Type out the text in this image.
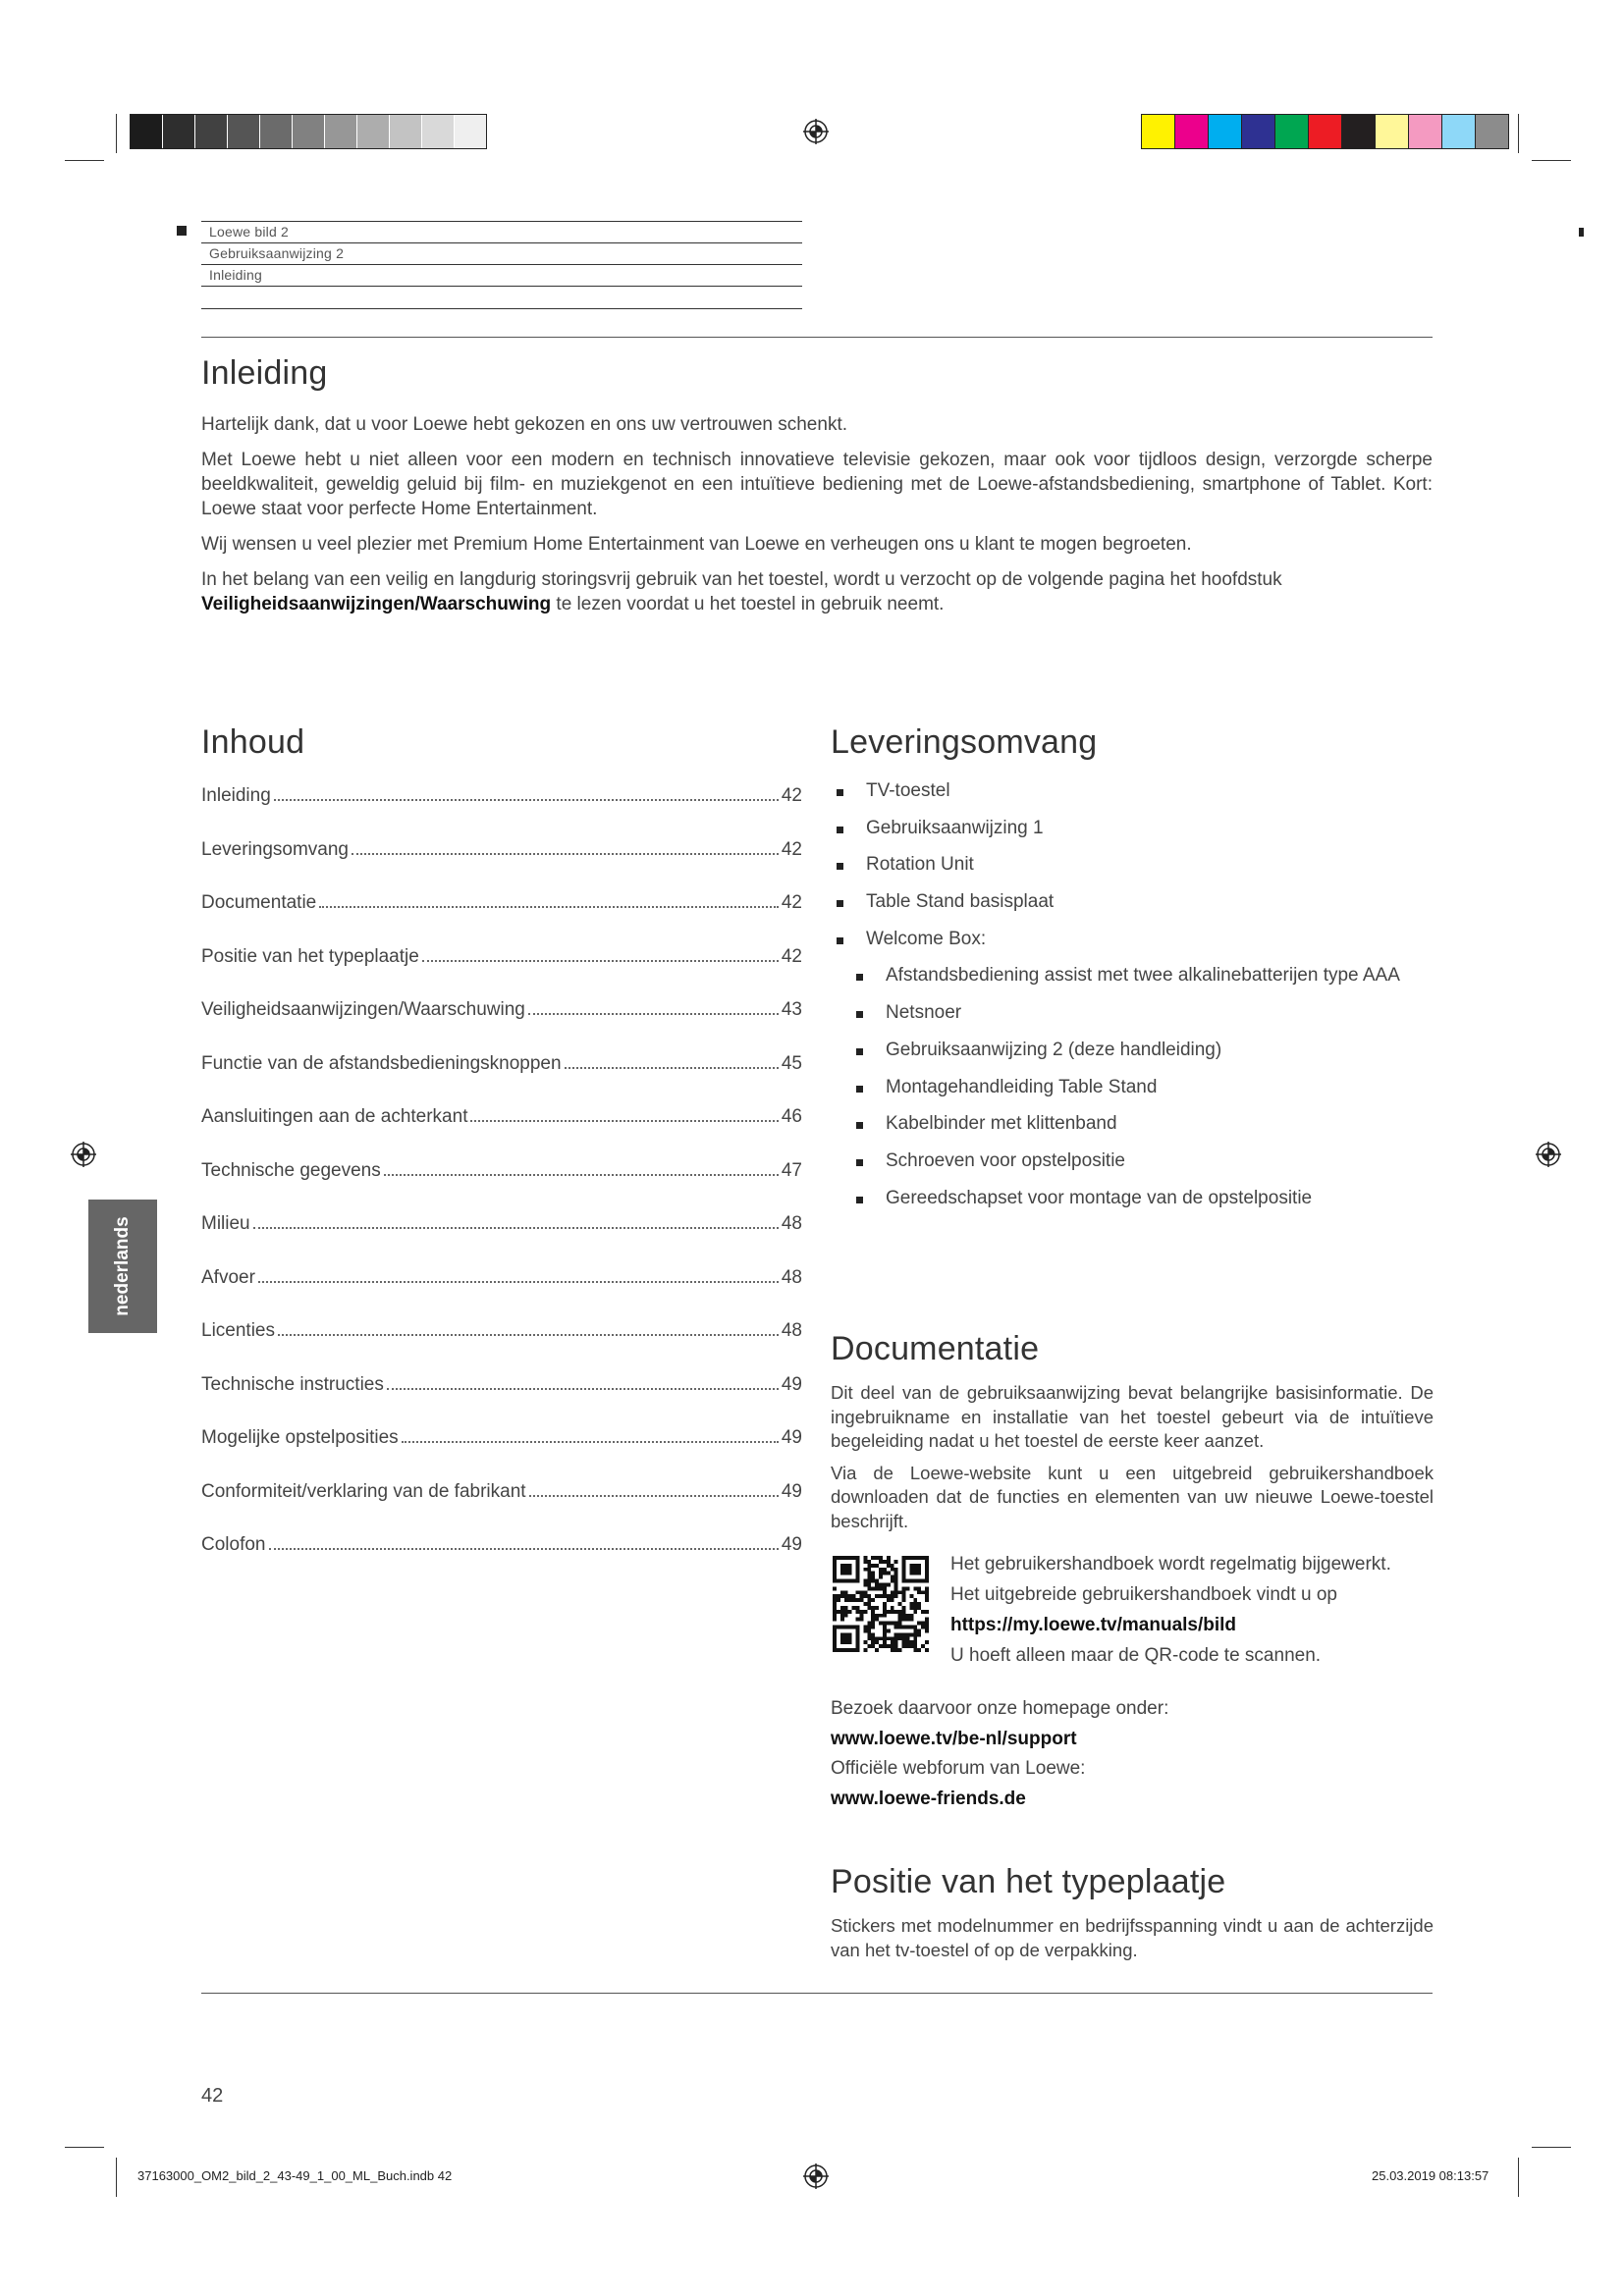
Loewe bild 2
Gebruiksaanwijzing 2
Inleiding
Inleiding

Hartelijk dank, dat u voor Loewe hebt gekozen en ons uw vertrouwen schenkt.

Met Loewe hebt u niet alleen voor een modern en technisch innovatieve televisie gekozen, maar ook voor tijdloos design, verzorgde scherpe beeldkwaliteit, geweldig geluid bij film- en muziekgenot en een intuïtieve bediening met de Loewe-afstandsbediening, smartphone of Tablet. Kort: Loewe staat voor perfecte Home Entertainment.

Wij wensen u veel plezier met Premium Home Entertainment van Loewe en verheugen ons u klant te mogen begroeten.

In het belang van een veilig en langdurig storingsvrij gebruik van het toestel, wordt u verzocht op de volgende pagina het hoofdstuk Veiligheidsaanwijzingen/Waarschuwing te lezen voordat u het toestel in gebruik neemt.

Inhoud
Inleiding	42
Leveringsomvang	42
Documentatie	42
Positie van het typeplaatje	42
Veiligheidsaanwijzingen/Waarschuwing	43
Functie van de afstandsbedieningsknoppen	45
Aansluitingen aan de achterkant	46
Technische gegevens	47
Milieu	48
Afvoer	48
Licenties	48
Technische instructies	49
Mogelijke opstelposities	49
Conformiteit/verklaring van de fabrikant	49
Colofon	49
nederlands
Leveringsomvang
TV-toestel
Gebruiksaanwijzing 1
Rotation Unit
Table Stand basisplaat
Welcome Box:
Afstandsbediening assist met twee alkalinebatterijen type AAA
Netsnoer
Gebruiksaanwijzing 2 (deze handleiding)
Montagehandleiding Table Stand
Kabelbinder met klittenband
Schroeven voor opstelpositie
Gereedschapset voor montage van de opstelpositie
Documentatie

Dit deel van de gebruiksaanwijzing bevat belangrijke basisinformatie. De ingebruikname en installatie van het toestel gebeurt via de intuïtieve begeleiding nadat u het toestel de eerste keer aanzet.

Via de Loewe-website kunt u een uitgebreid gebruikershandboek downloaden dat de functies en elementen van uw nieuwe Loewe-toestel beschrijft.

Het gebruikershandboek wordt regelmatig bijgewerkt.

Het uitgebreide gebruikershandboek vindt u op

https://my.loewe.tv/manuals/bild

U hoeft alleen maar de QR-code te scannen.

Bezoek daarvoor onze homepage onder:

www.loewe.tv/be-nl/support

Officiële webforum van Loewe:

www.loewe-friends.de

Positie van het typeplaatje
Stickers met modelnummer en bedrijfsspanning vindt u aan de achterzijde van het tv-toestel of op de verpakking.
42
37163000_OM2_bild_2_43-49_1_00_ML_Buch.indb 42	25.03.2019 08:13:57
